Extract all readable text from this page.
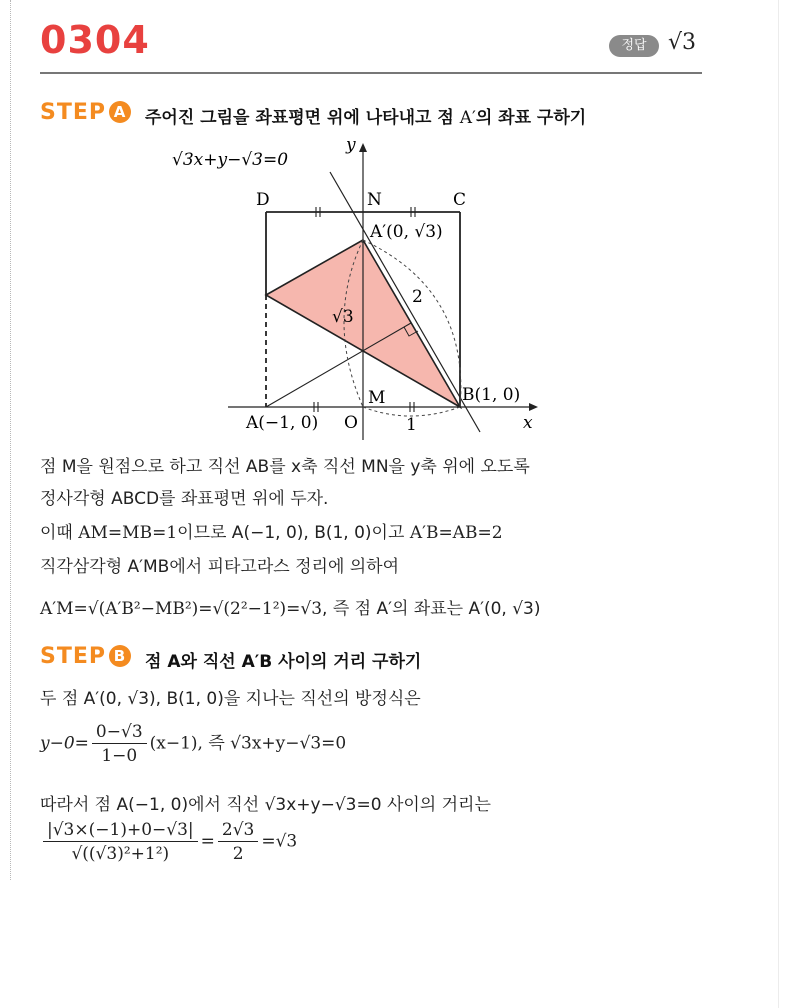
0304	정답 √3
STEP A 주어진 그림을 좌표평면 위에 나타내고 점 A′의 좌표 구하기
√3x+y−√3=0
y
x
D	N	C
A′(0, √3)
M
O
B(1, 0)
A(−1, 0)
2
√3
1
점 M을 원점으로 하고 직선 AB를 x축 직선 MN을 y축 위에 오도록
정사각형 ABCD를 좌표평면 위에 두자.
이때 AM=MB=1이므로 A(−1, 0), B(1, 0)이고 A′B=AB=2
직각삼각형 A′MB에서 피타고라스 정리에 의하여
A′M=√(A′B²−MB²)=√(2²−1²)=√3, 즉 점 A′의 좌표는 A′(0, √3)
STEP B 점 A와 직선 A′B 사이의 거리 구하기
두 점 A′(0, √3), B(1, 0)을 지나는 직선의 방정식은
$y-0= \frac{0-√3}{1-0} (x-1)$, 즉 √3x+y−√3=0
따라서 점 A(−1, 0)에서 직선 √3x+y−√3=0 사이의 거리는
$\frac{|√3\times(-1)+0-√3|}{\text{√((√3)²+1²)}} = \frac{2√3}{2} =√3$
